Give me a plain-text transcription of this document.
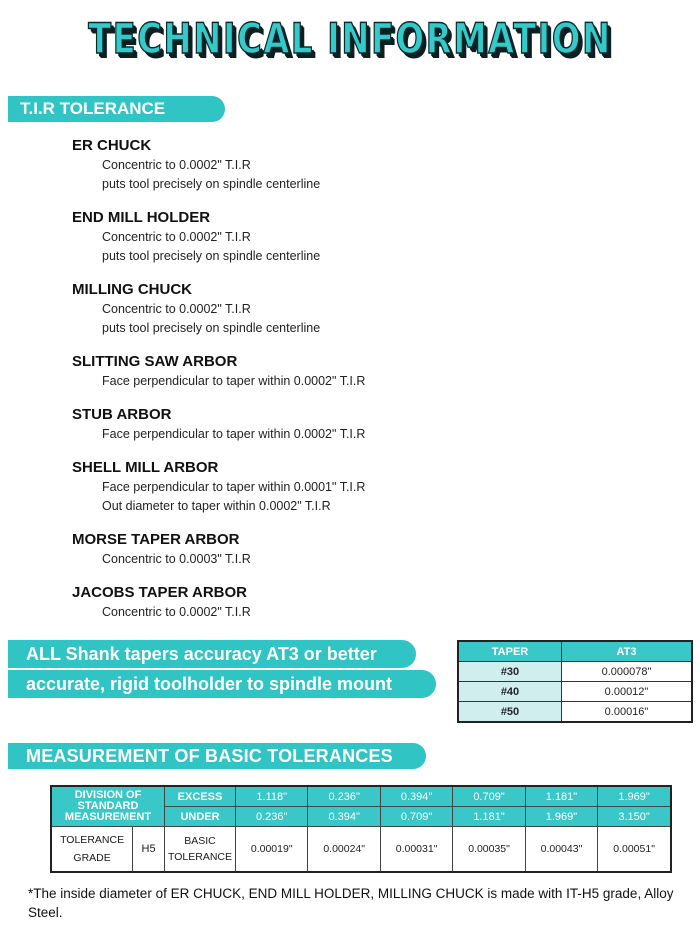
TECHNICAL INFORMATION
T.I.R TOLERANCE
ER CHUCK
Concentric to 0.0002" T.I.R
puts tool precisely on spindle centerline
END MILL HOLDER
Concentric to 0.0002" T.I.R
puts tool precisely on spindle centerline
MILLING CHUCK
Concentric to 0.0002" T.I.R
puts tool precisely on spindle centerline
SLITTING SAW ARBOR
Face perpendicular to taper within 0.0002" T.I.R
STUB ARBOR
Face perpendicular to taper within 0.0002" T.I.R
SHELL MILL ARBOR
Face perpendicular to taper within 0.0001" T.I.R
Out diameter to taper within 0.0002" T.I.R
MORSE TAPER ARBOR
Concentric to 0.0003" T.I.R
JACOBS TAPER ARBOR
Concentric to 0.0002" T.I.R
ALL Shank tapers accuracy AT3 or better
accurate, rigid toolholder to spindle mount
TAPER	AT3
#30	0.000078"
#40	0.00012"
#50	0.00016"
MEASUREMENT OF BASIC TOLERANCES
DIVISION OF STANDARD MEASUREMENT		EXCESS	1.118"	0.236"	0.394"	0.709"	1.181"	1.969"
		UNDER	0.236"	0.394"	0.709"	1.181"	1.969"	3.150"
TOLERANCE GRADE	H5	BASIC TOLERANCE	0.00019"	0.00024"	0.00031"	0.00035"	0.00043"	0.00051"
*The inside diameter of ER CHUCK, END MILL HOLDER, MILLING CHUCK is made with IT-H5 grade, Alloy Steel.
